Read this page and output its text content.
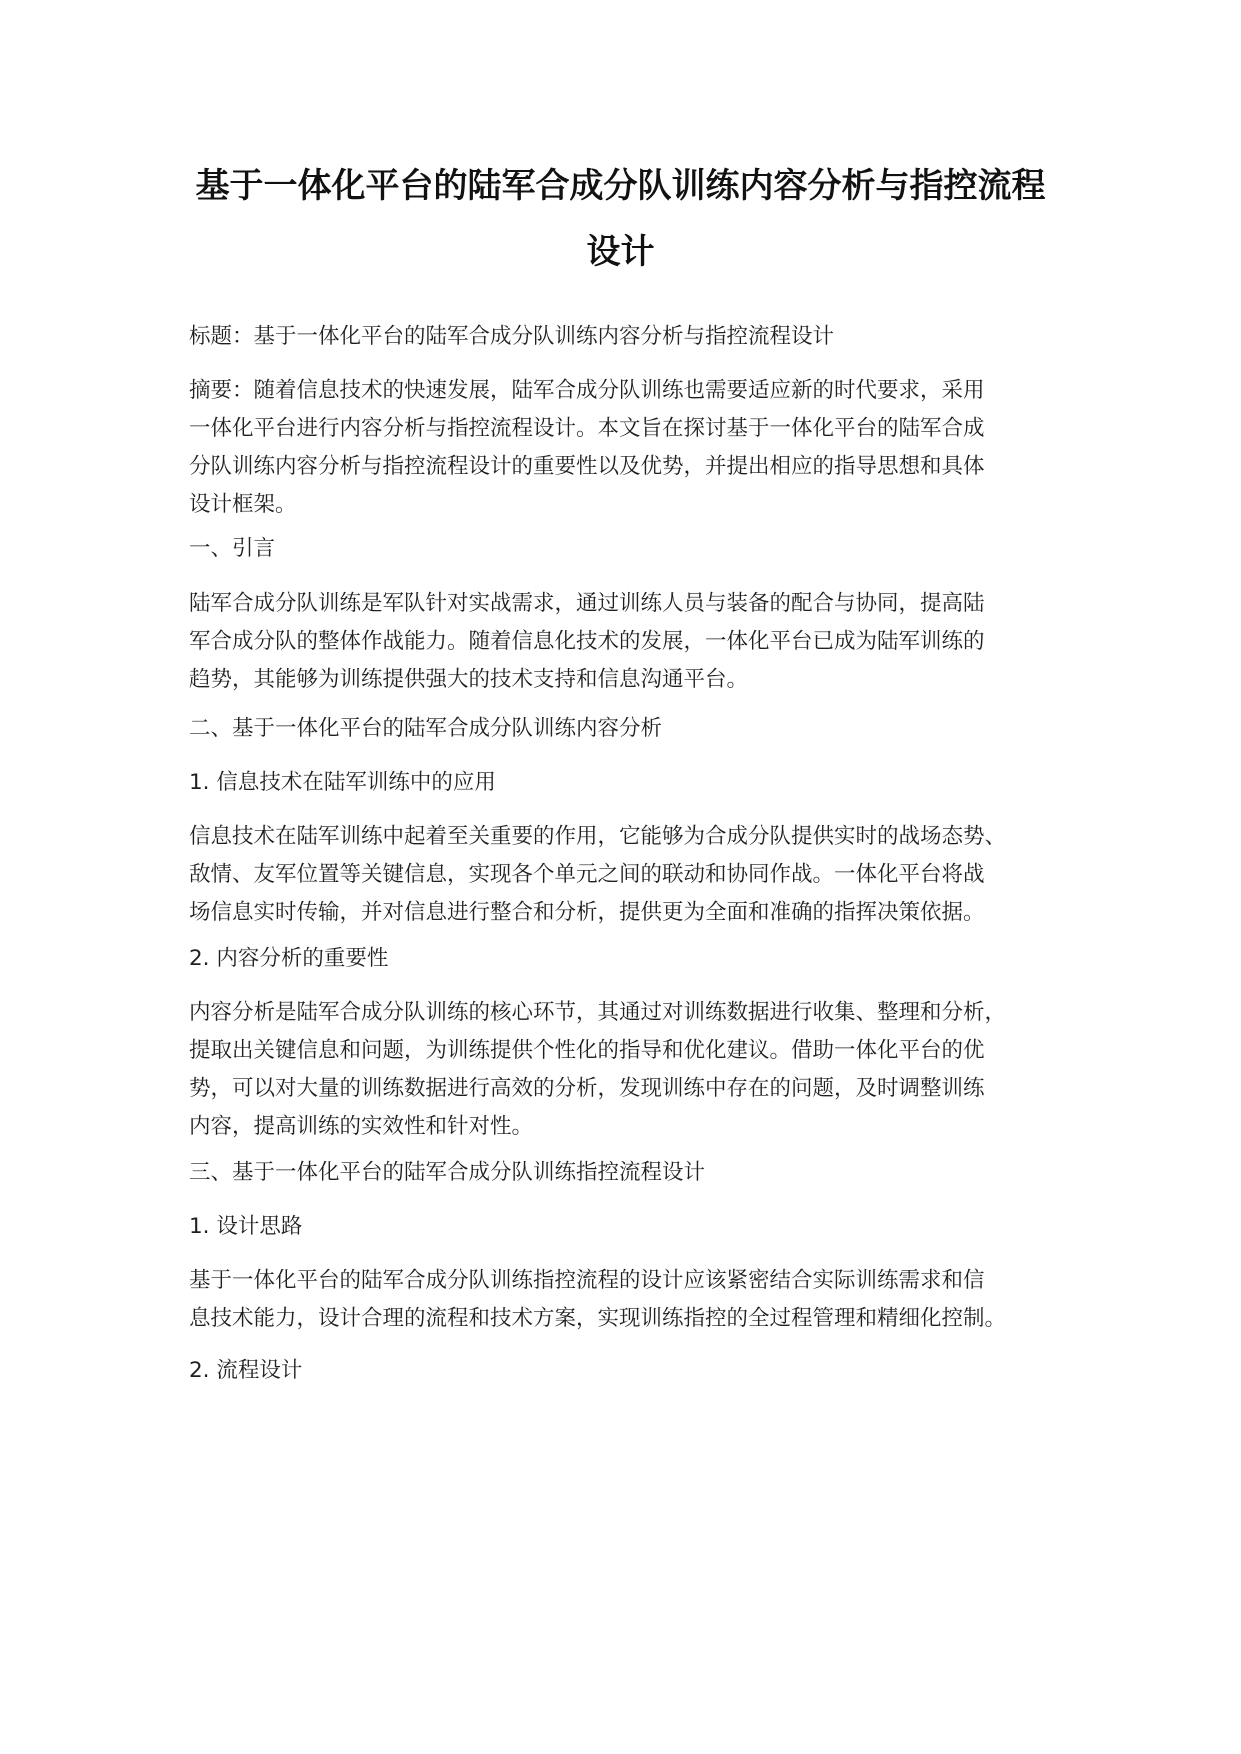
基于一体化平台的陆军合成分队训练内容分析与指控流程
设计
标题：基于一体化平台的陆军合成分队训练内容分析与指控流程设计
摘要：随着信息技术的快速发展，陆军合成分队训练也需要适应新的时代要求，采用
一体化平台进行内容分析与指控流程设计。本文旨在探讨基于一体化平台的陆军合成
分队训练内容分析与指控流程设计的重要性以及优势，并提出相应的指导思想和具体
设计框架。
一、引言
陆军合成分队训练是军队针对实战需求，通过训练人员与装备的配合与协同，提高陆
军合成分队的整体作战能力。随着信息化技术的发展，一体化平台已成为陆军训练的
趋势，其能够为训练提供强大的技术支持和信息沟通平台。
二、基于一体化平台的陆军合成分队训练内容分析
1. 信息技术在陆军训练中的应用
信息技术在陆军训练中起着至关重要的作用，它能够为合成分队提供实时的战场态势、
敌情、友军位置等关键信息，实现各个单元之间的联动和协同作战。一体化平台将战
场信息实时传输，并对信息进行整合和分析，提供更为全面和准确的指挥决策依据。
2. 内容分析的重要性
内容分析是陆军合成分队训练的核心环节，其通过对训练数据进行收集、整理和分析，
提取出关键信息和问题，为训练提供个性化的指导和优化建议。借助一体化平台的优
势，可以对大量的训练数据进行高效的分析，发现训练中存在的问题，及时调整训练
内容，提高训练的实效性和针对性。
三、基于一体化平台的陆军合成分队训练指控流程设计
1. 设计思路
基于一体化平台的陆军合成分队训练指控流程的设计应该紧密结合实际训练需求和信
息技术能力，设计合理的流程和技术方案，实现训练指控的全过程管理和精细化控制。
2. 流程设计
